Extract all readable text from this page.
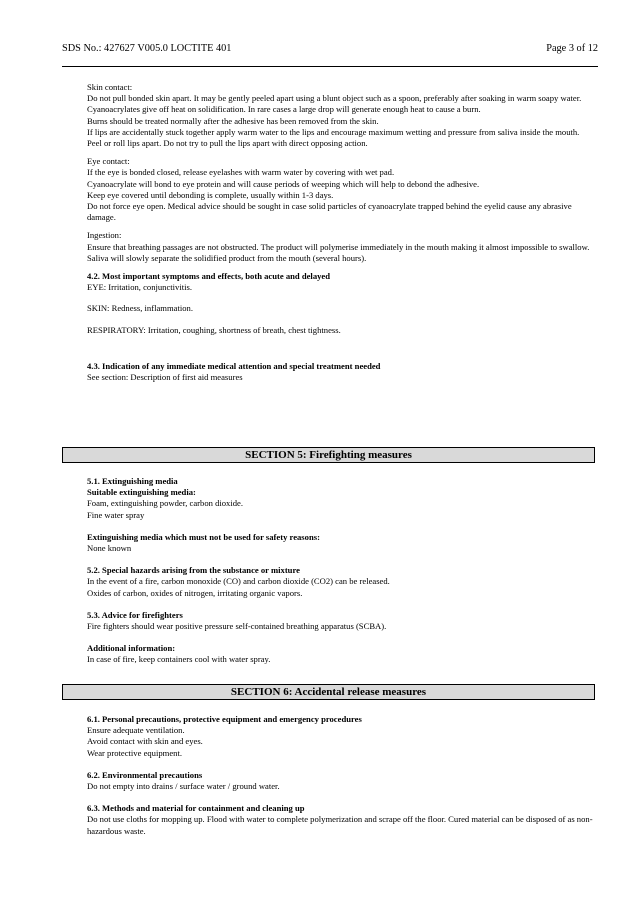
SDS No.: 427627 V005.0 LOCTITE 401	Page 3 of 12
Skin contact:
Do not pull bonded skin apart. It may be gently peeled apart using a blunt object such as a spoon, preferably after soaking in warm soapy water.
Cyanoacrylates give off heat on solidification. In rare cases a large drop will generate enough heat to cause a burn.
Burns should be treated normally after the adhesive has been removed from the skin.
If lips are accidentally stuck together apply warm water to the lips and encourage maximum wetting and pressure from saliva inside the mouth.
Peel or roll lips apart. Do not try to pull the lips apart with direct opposing action.
Eye contact:
If the eye is bonded closed, release eyelashes with warm water by covering with wet pad.
Cyanoacrylate will bond to eye protein and will cause periods of weeping which will help to debond the adhesive.
Keep eye covered until debonding is complete, usually within 1-3 days.
Do not force eye open. Medical advice should be sought in case solid particles of cyanoacrylate trapped behind the eyelid cause any abrasive damage.
Ingestion:
Ensure that breathing passages are not obstructed. The product will polymerise immediately in the mouth making it almost impossible to swallow. Saliva will slowly separate the solidified product from the mouth (several hours).
4.2. Most important symptoms and effects, both acute and delayed
EYE: Irritation, conjunctivitis.
SKIN: Redness, inflammation.
RESPIRATORY: Irritation, coughing, shortness of breath, chest tightness.
4.3. Indication of any immediate medical attention and special treatment needed
See section: Description of first aid measures
SECTION 5: Firefighting measures
5.1. Extinguishing media
Suitable extinguishing media:
Foam, extinguishing powder, carbon dioxide.
Fine water spray
Extinguishing media which must not be used for safety reasons:
None known
5.2. Special hazards arising from the substance or mixture
In the event of a fire, carbon monoxide (CO) and carbon dioxide (CO2) can be released.
Oxides of carbon, oxides of nitrogen, irritating organic vapors.
5.3. Advice for firefighters
Fire fighters should wear positive pressure self-contained breathing apparatus (SCBA).
Additional information:
In case of fire, keep containers cool with water spray.
SECTION 6: Accidental release measures
6.1. Personal precautions, protective equipment and emergency procedures
Ensure adequate ventilation.
Avoid contact with skin and eyes.
Wear protective equipment.
6.2. Environmental precautions
Do not empty into drains / surface water / ground water.
6.3. Methods and material for containment and cleaning up
Do not use cloths for mopping up. Flood with water to complete polymerization and scrape off the floor. Cured material can be disposed of as non-hazardous waste.
